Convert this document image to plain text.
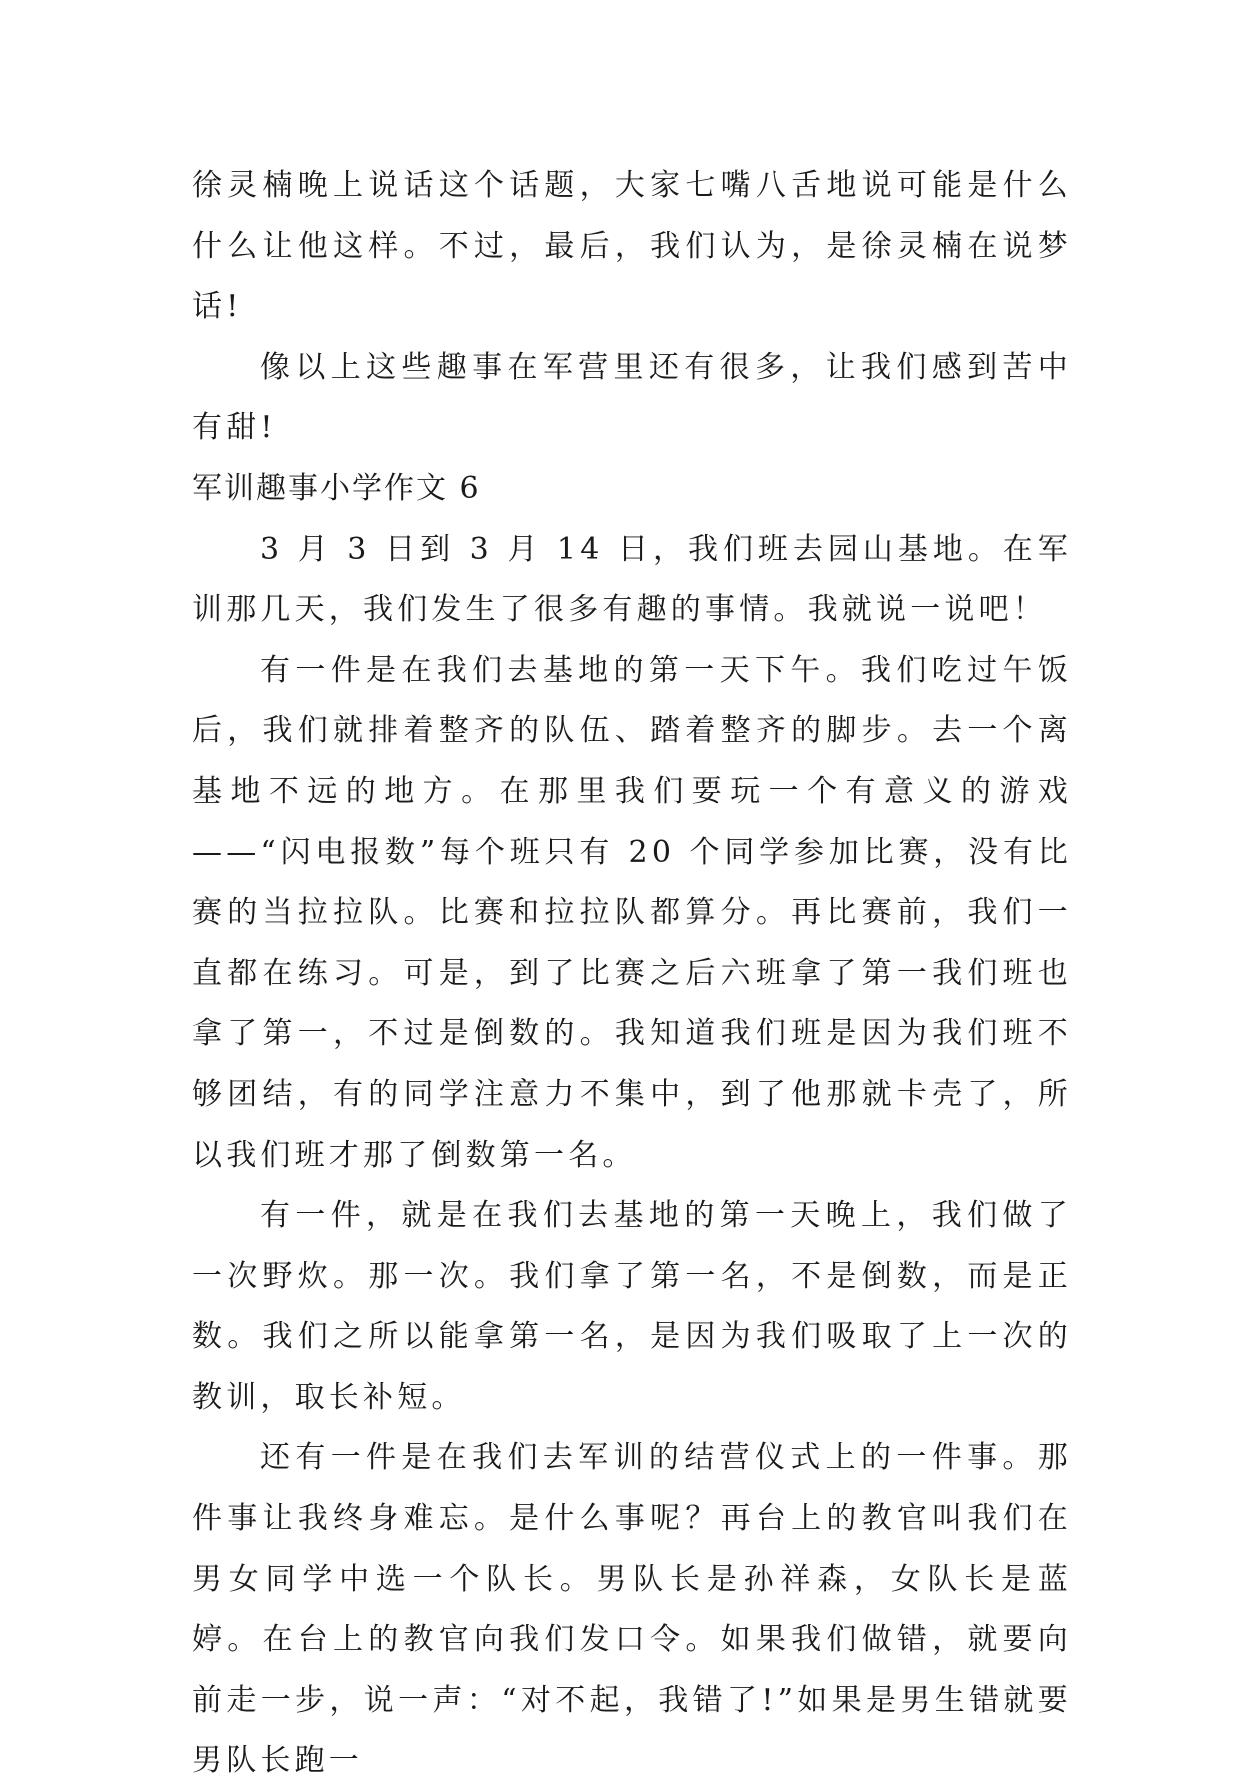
徐灵楠晚上说话这个话题，大家七嘴八舌地说可能是什么什么让他这样。不过，最后，我们认为，是徐灵楠在说梦话!

像以上这些趣事在军营里还有很多，让我们感到苦中有甜!

军训趣事小学作文 6

3 月 3 日到 3 月 14 日，我们班去园山基地。在军训那几天，我们发生了很多有趣的事情。我就说一说吧！

有一件是在我们去基地的第一天下午。我们吃过午饭后，我们就排着整齐的队伍、踏着整齐的脚步。去一个离基地不远的地方。在那里我们要玩一个有意义的游戏——“闪电报数”每个班只有 20 个同学参加比赛，没有比赛的当拉拉队。比赛和拉拉队都算分。再比赛前，我们一直都在练习。可是，到了比赛之后六班拿了第一我们班也拿了第一，不过是倒数的。我知道我们班是因为我们班不够团结，有的同学注意力不集中，到了他那就卡壳了，所以我们班才那了倒数第一名。

有一件，就是在我们去基地的第一天晚上，我们做了一次野炊。那一次。我们拿了第一名，不是倒数，而是正数。我们之所以能拿第一名，是因为我们吸取了上一次的教训，取长补短。

还有一件是在我们去军训的结营仪式上的一件事。那件事让我终身难忘。是什么事呢？再台上的教官叫我们在男女同学中选一个队长。男队长是孙祥森，女队长是蓝婷。在台上的教官向我们发口令。如果我们做错，就要向前走一步，说一声：“对不起，我错了!”如果是男生错就要男队长跑一
